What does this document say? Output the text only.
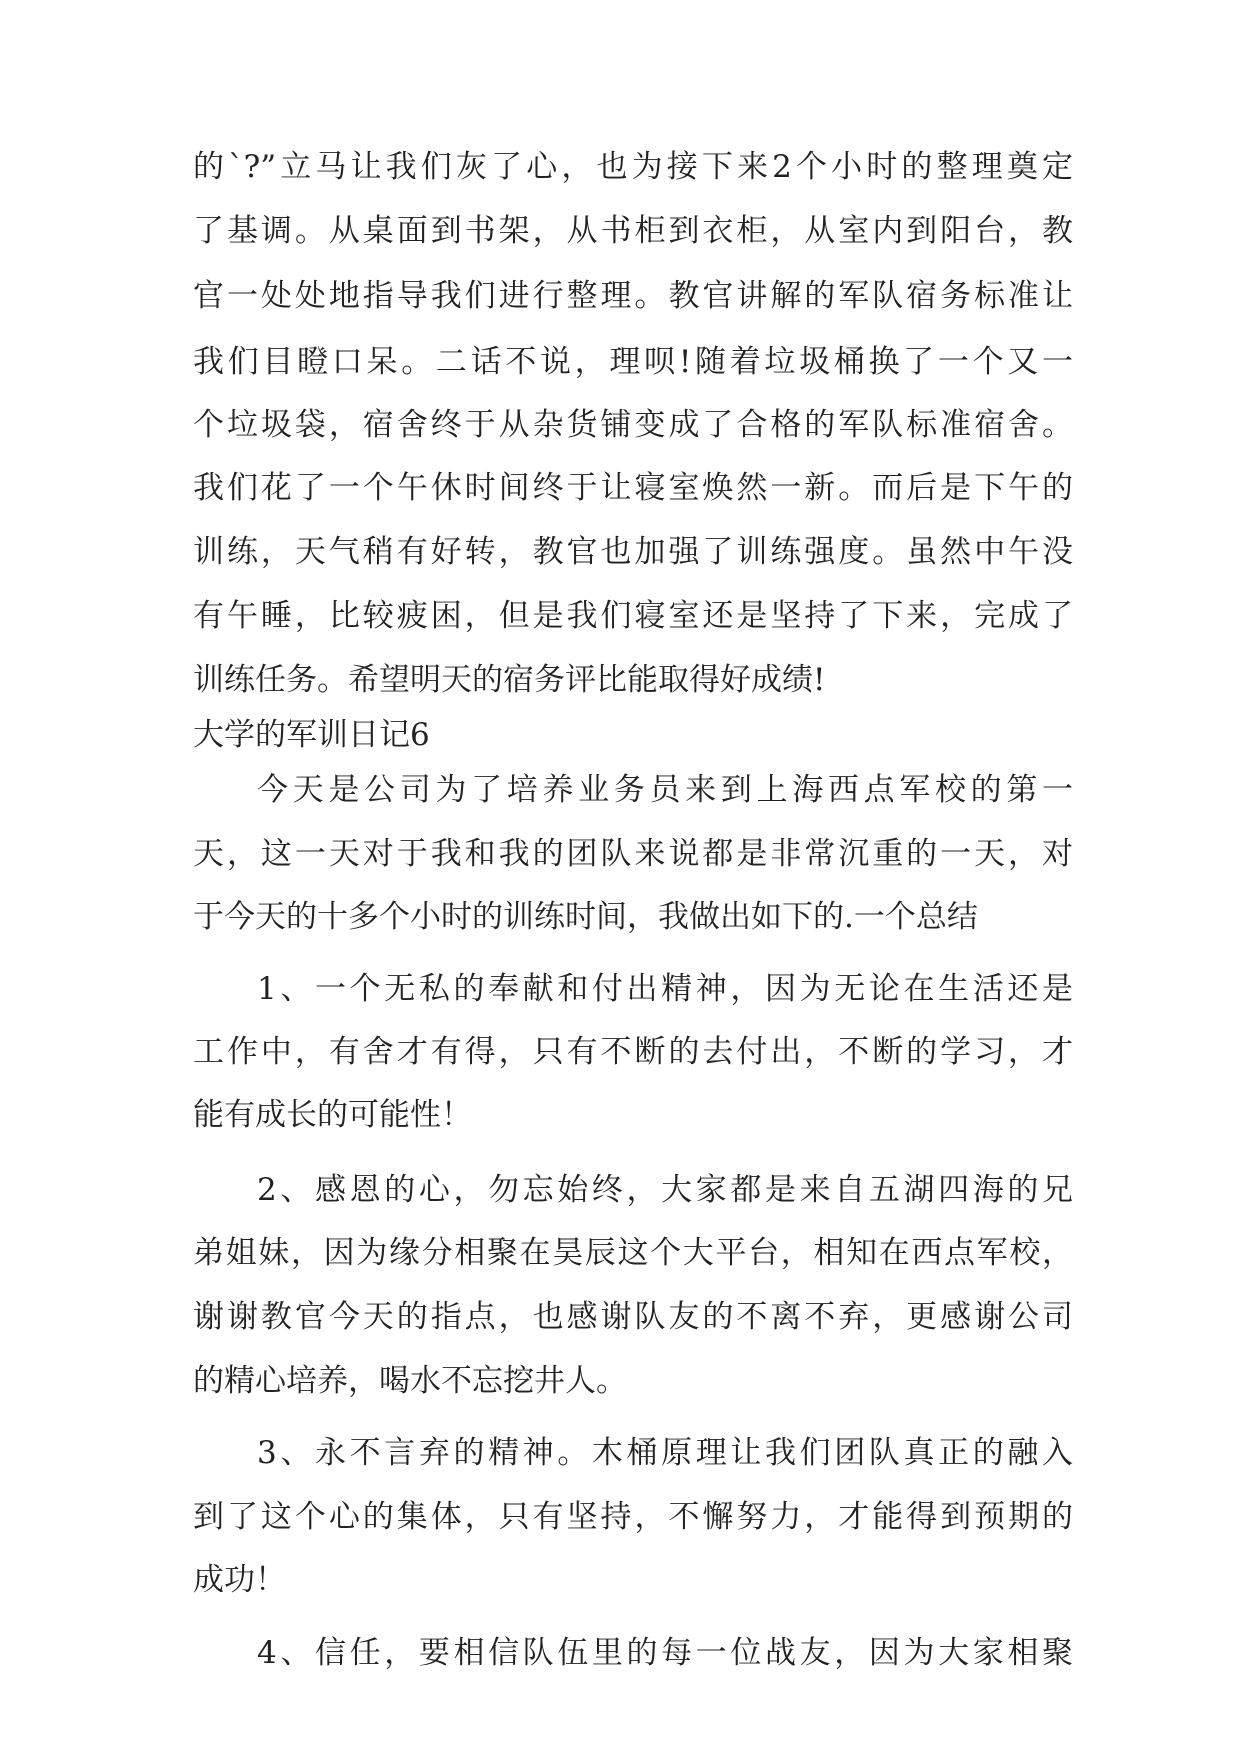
的`?”立马让我们灰了心，也为接下来2个小时的整理奠定
了基调。从桌面到书架，从书柜到衣柜，从室内到阳台，教
官一处处地指导我们进行整理。教官讲解的军队宿务标准让
我们目瞪口呆。二话不说，理呗!随着垃圾桶换了一个又一
个垃圾袋，宿舍终于从杂货铺变成了合格的军队标准宿舍。
我们花了一个午休时间终于让寝室焕然一新。而后是下午的
训练，天气稍有好转，教官也加强了训练强度。虽然中午没
有午睡，比较疲困，但是我们寝室还是坚持了下来，完成了
训练任务。希望明天的宿务评比能取得好成绩!
大学的军训日记6
今天是公司为了培养业务员来到上海西点军校的第一
天，这一天对于我和我的团队来说都是非常沉重的一天，对
于今天的十多个小时的训练时间，我做出如下的.一个总结
1、一个无私的奉献和付出精神，因为无论在生活还是
工作中，有舍才有得，只有不断的去付出，不断的学习，才
能有成长的可能性！
2、感恩的心，勿忘始终，大家都是来自五湖四海的兄
弟姐妹，因为缘分相聚在昊辰这个大平台，相知在西点军校，
谢谢教官今天的指点，也感谢队友的不离不弃，更感谢公司
的精心培养，喝水不忘挖井人。
3、永不言弃的精神。木桶原理让我们团队真正的融入
到了这个心的集体，只有坚持，不懈努力，才能得到预期的
成功！
4、信任，要相信队伍里的每一位战友，因为大家相聚
